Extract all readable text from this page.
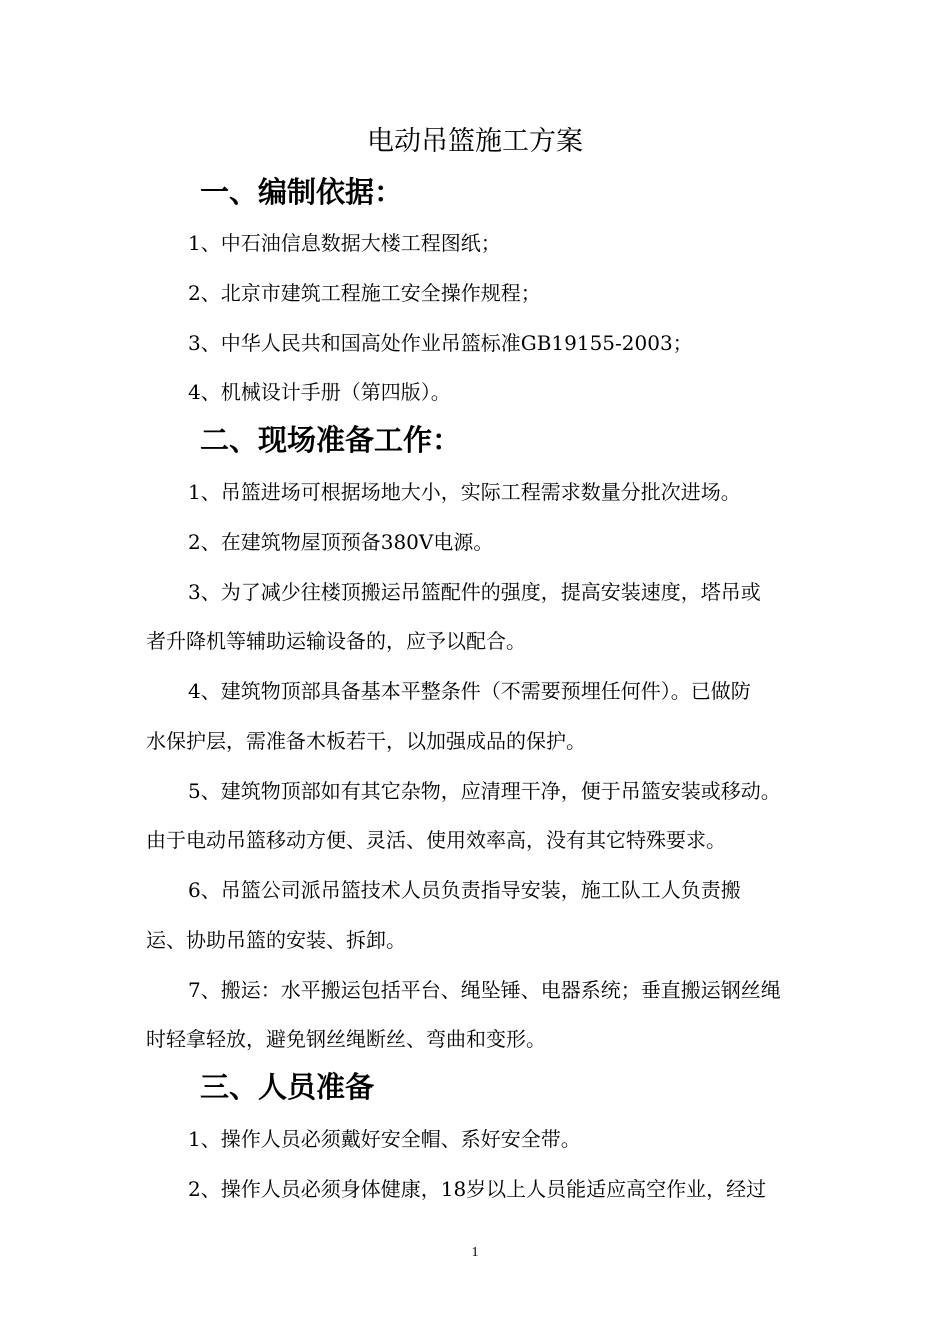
电动吊篮施工方案
一、编制依据：
1、中石油信息数据大楼工程图纸；
2、北京市建筑工程施工安全操作规程；
3、中华人民共和国高处作业吊篮标准GB19155-2003；
4、机械设计手册（第四版）。
二、现场准备工作：
1、吊篮进场可根据场地大小，实际工程需求数量分批次进场。
2、在建筑物屋顶预备380V电源。
3、为了减少往楼顶搬运吊篮配件的强度，提高安装速度，塔吊或
者升降机等辅助运输设备的，应予以配合。
4、建筑物顶部具备基本平整条件（不需要预埋任何件）。已做防
水保护层，需准备木板若干，以加强成品的保护。
5、建筑物顶部如有其它杂物，应清理干净，便于吊篮安装或移动。
由于电动吊篮移动方便、灵活、使用效率高，没有其它特殊要求。
6、吊篮公司派吊篮技术人员负责指导安装，施工队工人负责搬
运、协助吊篮的安装、拆卸。
7、搬运：水平搬运包括平台、绳坠锤、电器系统；垂直搬运钢丝绳
时轻拿轻放，避免钢丝绳断丝、弯曲和变形。
三、人员准备
1、操作人员必须戴好安全帽、系好安全带。
2、操作人员必须身体健康，18岁以上人员能适应高空作业，经过
1
